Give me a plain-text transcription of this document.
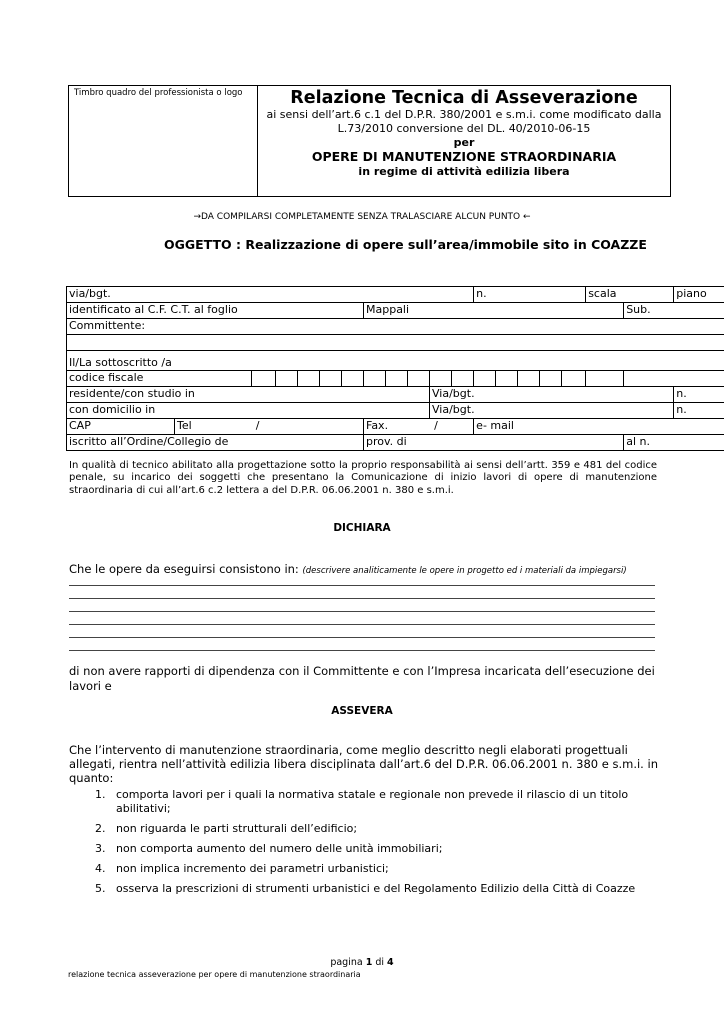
Timbro quadro del professionista o logo	Relazione Tecnica di Asseverazione
ai sensi dell’art.6 c.1 del D.P.R. 380/2001 e s.m.i. come modificato dalla
L.73/2010 conversione del DL. 40/2010-06-15
per
OPERE DI MANUTENZIONE STRAORDINARIA
in regime di attività edilizia libera
→DA COMPILARSI COMPLETAMENTE SENZA TRALASCIARE ALCUN PUNTO ←
OGGETTO : Realizzazione di opere sull’area/immobile sito in COAZZE
via/bgt.												n.					scala		piano
identificato al C.F. C.T. al foglio							Mappali											Sub.	
Committente:																			

Il/La sottoscritto /a																			
codice fiscale																			
residente/con studio in										Via/bgt.									n.
con domicilio in										Via/bgt.									n.
CAP	Tel /						Fax. /					e- mail							
iscritto all’Ordine/Collegio de							prov. di											al n.	
In qualità di tecnico abilitato alla progettazione sotto la proprio responsabilità ai sensi dell’artt. 359 e 481 del codice penale, su incarico dei soggetti che presentano la Comunicazione di inizio lavori di opere di manutenzione straordinaria di cui all’art.6 c.2 lettera a del D.P.R. 06.06.2001 n. 380 e s.m.i.
DICHIARA
Che le opere da eseguirsi consistono in: (descrivere analiticamente le opere in progetto ed i materiali da impiegarsi)
di non avere rapporti di dipendenza con il Committente e con l’Impresa incaricata dell’esecuzione dei lavori e
ASSEVERA
Che l’intervento di manutenzione straordinaria, come meglio descritto negli elaborati progettuali allegati, rientra nell’attività edilizia libera disciplinata dall’art.6 del D.P.R. 06.06.2001 n. 380 e s.m.i. in quanto:
1. comporta lavori per i quali la normativa statale e regionale non prevede il rilascio di un titolo
abilitativi;
2. non riguarda le parti strutturali dell’edificio;
3. non comporta aumento del numero delle unità immobiliari;
4. non implica incremento dei parametri urbanistici;
5. osserva la prescrizioni di strumenti urbanistici e del Regolamento Edilizio della Città di Coazze
pagina 1 di 4
relazione tecnica asseverazione per opere di manutenzione straordinaria
